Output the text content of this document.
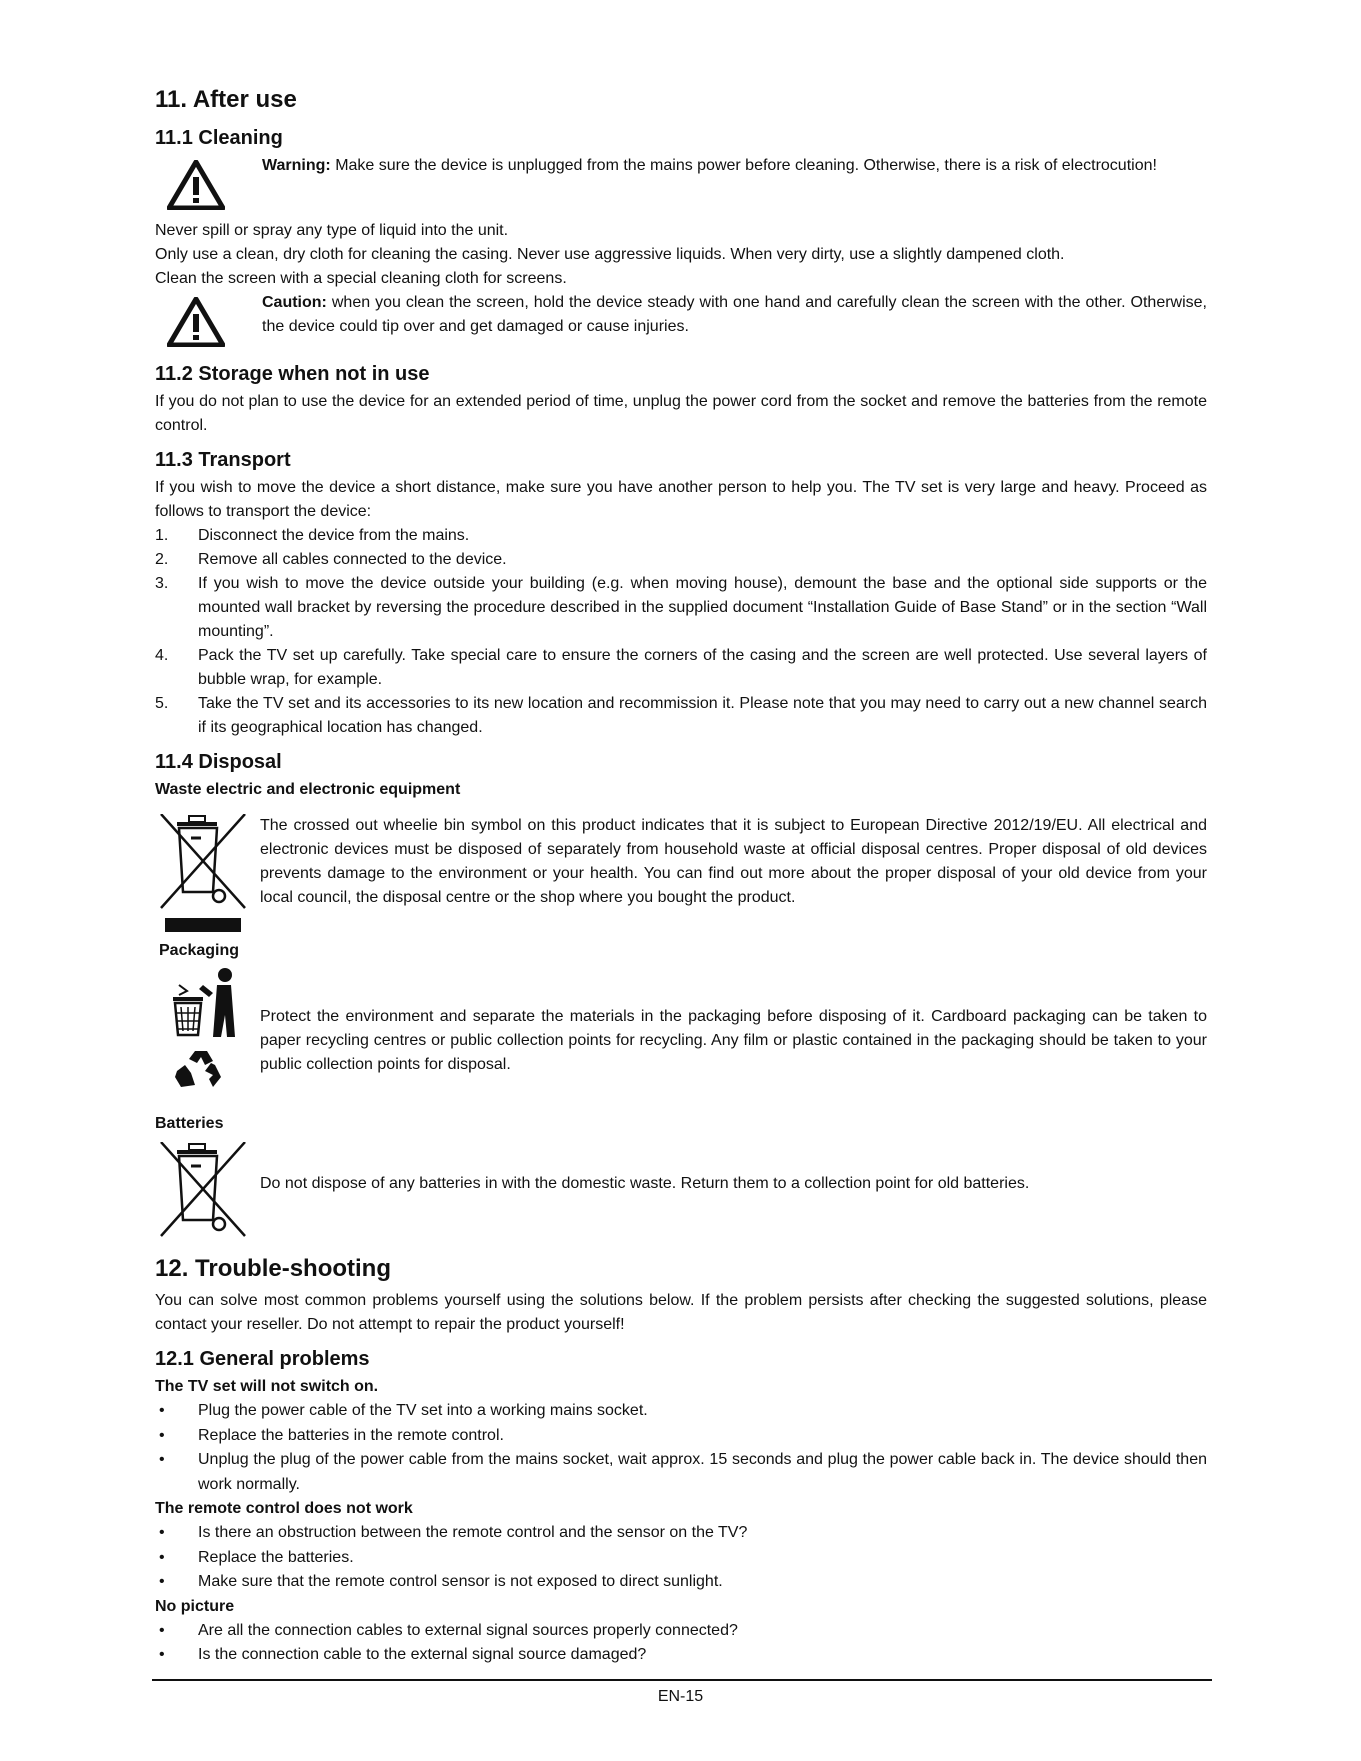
11. After use
11.1 Cleaning
Warning: Make sure the device is unplugged from the mains power before cleaning. Otherwise, there is a risk of electrocution!

Never spill or spray any type of liquid into the unit.

Only use a clean, dry cloth for cleaning the casing. Never use aggressive liquids. When very dirty, use a slightly dampened cloth.

Clean the screen with a special cleaning cloth for screens.

Caution: when you clean the screen, hold the device steady with one hand and carefully clean the screen with the other. Otherwise, the device could tip over and get damaged or cause injuries.
11.2 Storage when not in use

If you do not plan to use the device for an extended period of time, unplug the power cord from the socket and remove the batteries from the remote control.

11.3 Transport

If you wish to move the device a short distance, make sure you have another person to help you. The TV set is very large and heavy. Proceed as follows to transport the device:

1.	Disconnect the device from the mains.
2.	Remove all cables connected to the device.
3.	If you wish to move the device outside your building (e.g. when moving house), demount the base and the optional side supports or the mounted wall bracket by reversing the procedure described in the supplied document “Installation Guide of Base Stand” or in the section “Wall mounting”.
4.	Pack the TV set up carefully. Take special care to ensure the corners of the casing and the screen are well protected. Use several layers of bubble wrap, for example.
5.	Take the TV set and its accessories to its new location and recommission it. Please note that you may need to carry out a new channel search if its geographical location has changed.
11.4 Disposal
Waste electric and electronic equipment
The crossed out wheelie bin symbol on this product indicates that it is subject to European Directive 2012/19/EU. All electrical and electronic devices must be disposed of separately from household waste at official disposal centres. Proper disposal of old devices prevents damage to the environment or your health. You can find out more about the proper disposal of your old device from your local council, the disposal centre or the shop where you bought the product.
Packaging
Protect the environment and separate the materials in the packaging before disposing of it. Cardboard packaging can be taken to paper recycling centres or public collection points for recycling. Any film or plastic contained in the packaging should be taken to your public collection points for disposal.
Batteries
Do not dispose of any batteries in with the domestic waste. Return them to a collection point for old batteries.
12. Trouble-shooting

You can solve most common problems yourself using the solutions below. If the problem persists after checking the suggested solutions, please contact your reseller. Do not attempt to repair the product yourself!

12.1 General problems
The TV set will not switch on.
•	Plug the power cable of the TV set into a working mains socket.
•	Replace the batteries in the remote control.
•	Unplug the plug of the power cable from the mains socket, wait approx. 15 seconds and plug the power cable back in. The device should then work normally.
The remote control does not work
•	Is there an obstruction between the remote control and the sensor on the TV?
•	Replace the batteries.
•	Make sure that the remote control sensor is not exposed to direct sunlight.
No picture
•	Are all the connection cables to external signal sources properly connected?
•	Is the connection cable to the external signal source damaged?
EN-15
